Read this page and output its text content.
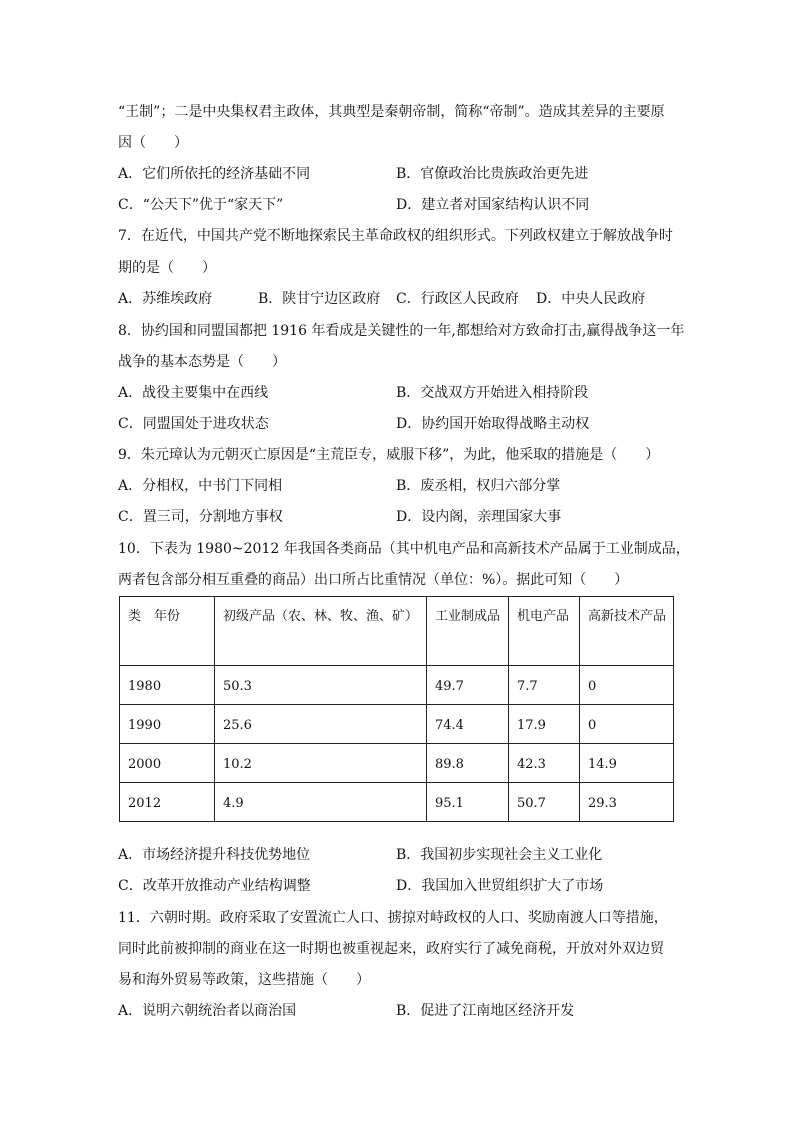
“王制”；二是中央集权君主政体，其典型是秦朝帝制，简称“帝制”。造成其差异的主要原
因（　　）
A．它们所依托的经济基础不同	B．官僚政治比贵族政治更先进
C．“公天下”优于“家天下”	D．建立者对国家结构认识不同
7．在近代，中国共产党不断地探索民主革命政权的组织形式。下列政权建立于解放战争时
期的是（　　）
A．苏维埃政府	B．陕甘宁边区政府 C．行政区人民政府 D．中央人民政府
8．协约国和同盟国都把 1916 年看成是关键性的一年,都想给对方致命打击,赢得战争这一年
战争的基本态势是（　　）
A．战役主要集中在西线	B．交战双方开始进入相持阶段
C．同盟国处于进攻状态	D．协约国开始取得战略主动权
9．朱元璋认为元朝灭亡原因是“主荒臣专，威服下移”，为此，他采取的措施是（　　）
A．分相权，中书门下同相	B．废丞相，权归六部分掌
C．置三司，分割地方事权	D．设内阁，亲理国家大事
10．下表为 1980~2012 年我国各类商品（其中机电产品和高新技术产品属于工业制成品，
两者包含部分相互重叠的商品）出口所占比重情况（单位：%）。据此可知（　　）
类　年份	初级产品（农、林、牧、渔、矿）	工业制成品	机电产品	高新技术产品
1980	50.3	49.7	7.7	0
1990	25.6	74.4	17.9	0
2000	10.2	89.8	42.3	14.9
2012	4.9	95.1	50.7	29.3
A．市场经济提升科技优势地位	B．我国初步实现社会主义工业化
C．改革开放推动产业结构调整	D．我国加入世贸组织扩大了市场
11．六朝时期。政府采取了安置流亡人口、掳掠对峙政权的人口、奖励南渡人口等措施，
同时此前被抑制的商业在这一时期也被重视起来，政府实行了减免商税，开放对外双边贸
易和海外贸易等政策，这些措施（　　）
A．说明六朝统治者以商治国	B．促进了江南地区经济开发
